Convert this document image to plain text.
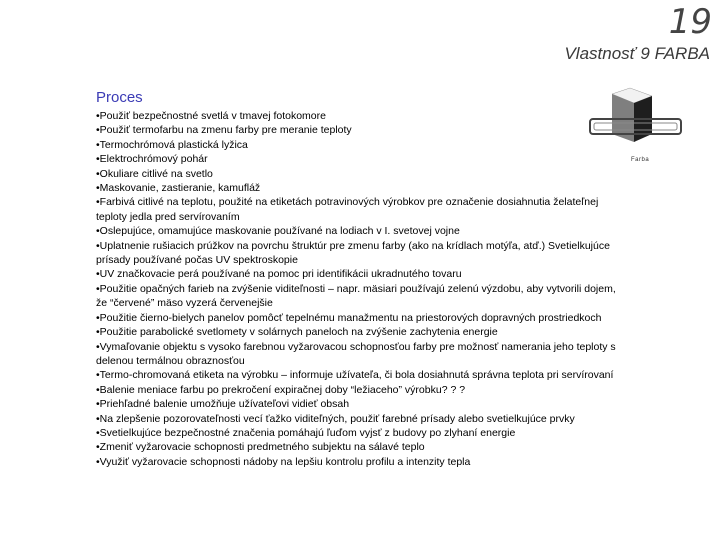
19
Vlastnosť 9 FARBA
Proces
•Použiť bezpečnostné svetlá v tmavej fotokomore
•Použiť termofarbu na zmenu farby pre meranie teploty
•Termochrómová plastická lyžica
•Elektrochrómový pohár
•Okuliare citlivé na svetlo
•Maskovanie, zastieranie, kamufláž
•Farbivá citlivé na teplotu, použité na etiketách potravinových výrobkov pre označenie dosiahnutia želateľnej teploty jedla pred servírovaním
•Oslepujúce, omamujúce maskovanie používané na lodiach v I. svetovej vojne
•Uplatnenie rušiacich prúžkov na povrchu štruktúr pre zmenu farby (ako na krídlach motýľa, atď.) Svetielkujúce prísady používané počas UV spektroskopie
•UV značkovacie perá používané na pomoc pri identifikácii ukradnutého tovaru
•Použitie opačných farieb na zvýšenie viditeľnosti – napr. mäsiari používajú zelenú výzdobu, aby vytvorili dojem, že “červené” mäso vyzerá červenejšie
•Použitie čierno-bielych panelov pomôcť tepelnému manažmentu na priestorových dopravných prostriedkoch
•Použitie parabolické svetlomety v solárnych paneloch na zvýšenie zachytenia energie
•Vymaľovanie objektu s vysoko farebnou vyžarovacou schopnosťou farby pre možnosť namerania jeho teploty s delenou termálnou obraznosťou
•Termo-chromovaná etiketa na výrobku – informuje užívateľa, či bola dosiahnutá správna teplota pri servírovaní
•Balenie meniace farbu po prekročení expiračnej doby “ležiaceho” výrobku? ? ?
•Priehľadné balenie umožňuje užívateľovi vidieť obsah
•Na zlepšenie pozorovateľnosti vecí ťažko viditeľných, použiť farebné prísady alebo svetielkujúce prvky
•Svetielkujúce bezpečnostné značenia pomáhajú ľuďom vyjsť z budovy po zlyhaní energie
•Zmeniť vyžarovacie schopnosti predmetného subjektu na sálavé teplo
•Využiť vyžarovacie schopnosti nádoby na lepšiu kontrolu profilu a intenzity tepla
Farba
